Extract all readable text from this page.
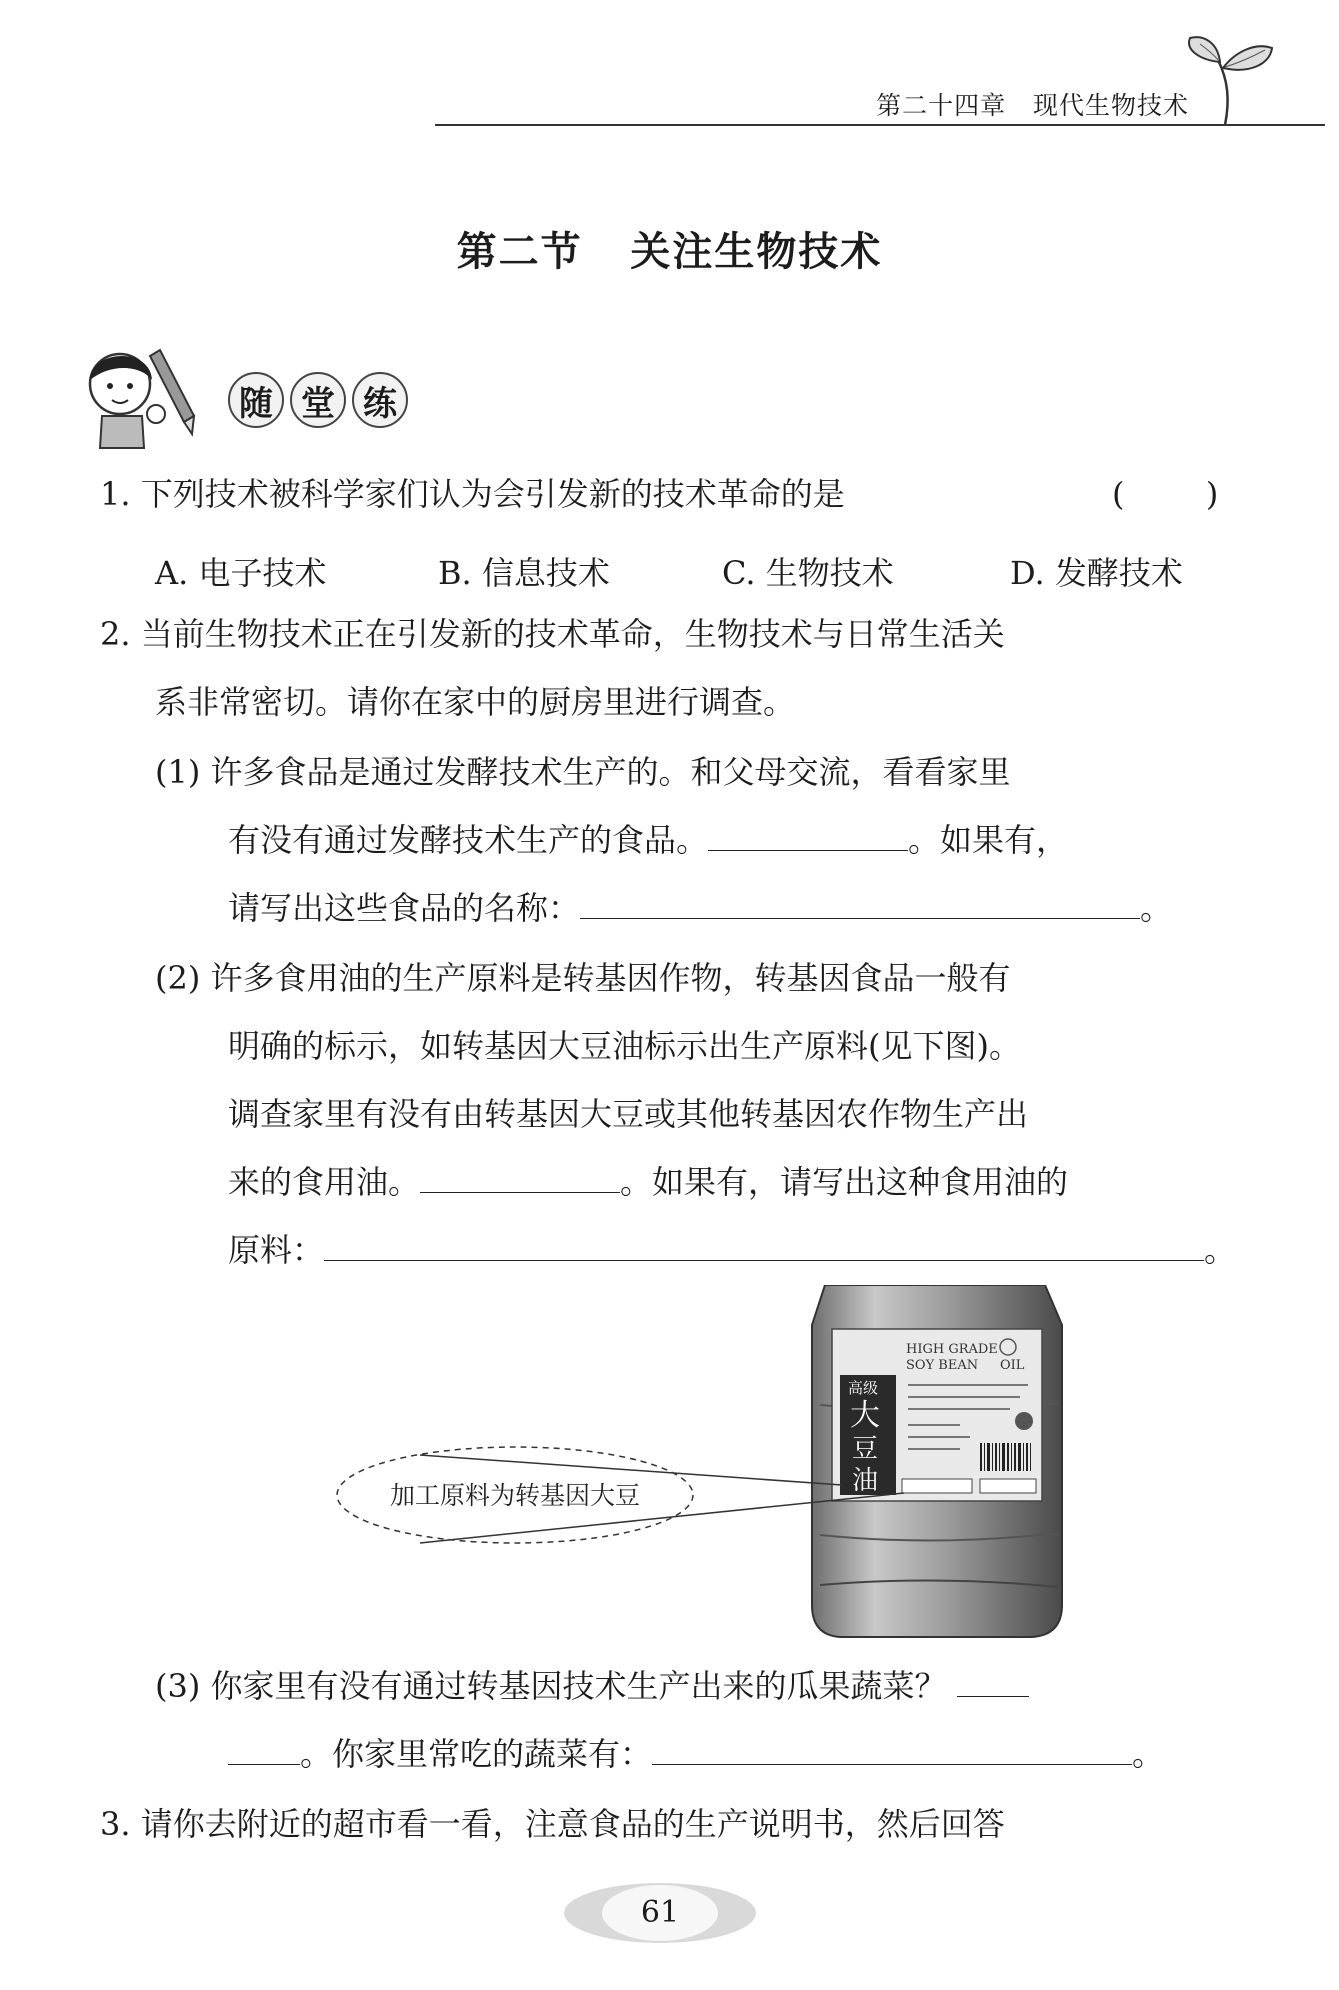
第二十四章   现代生物技术
第二节   关注生物技术
随 堂 练
1. 下列技术被科学家们认为会引发新的技术革命的是	(        )
A. 电子技术	B. 信息技术	C. 生物技术	D. 发酵技术
2. 当前生物技术正在引发新的技术革命，生物技术与日常生活关
系非常密切。请你在家中的厨房里进行调查。
(1) 许多食品是通过发酵技术生产的。和父母交流，看看家里
有没有通过发酵技术生产的食品。	。如果有，
请写出这些食品的名称：	。
(2) 许多食用油的生产原料是转基因作物，转基因食品一般有
明确的标示，如转基因大豆油标示出生产原料(见下图)。
调查家里有没有由转基因大豆或其他转基因农作物生产出
来的食用油。	。如果有，请写出这种食用油的
原料：	。
HIGH GRADE
SOY BEAN OIL
高级
大
豆
油
加工原料为转基因大豆
(3) 你家里有没有通过转基因技术生产出来的瓜果蔬菜？
。你家里常吃的蔬菜有：	。
3. 请你去附近的超市看一看，注意食品的生产说明书，然后回答
61
